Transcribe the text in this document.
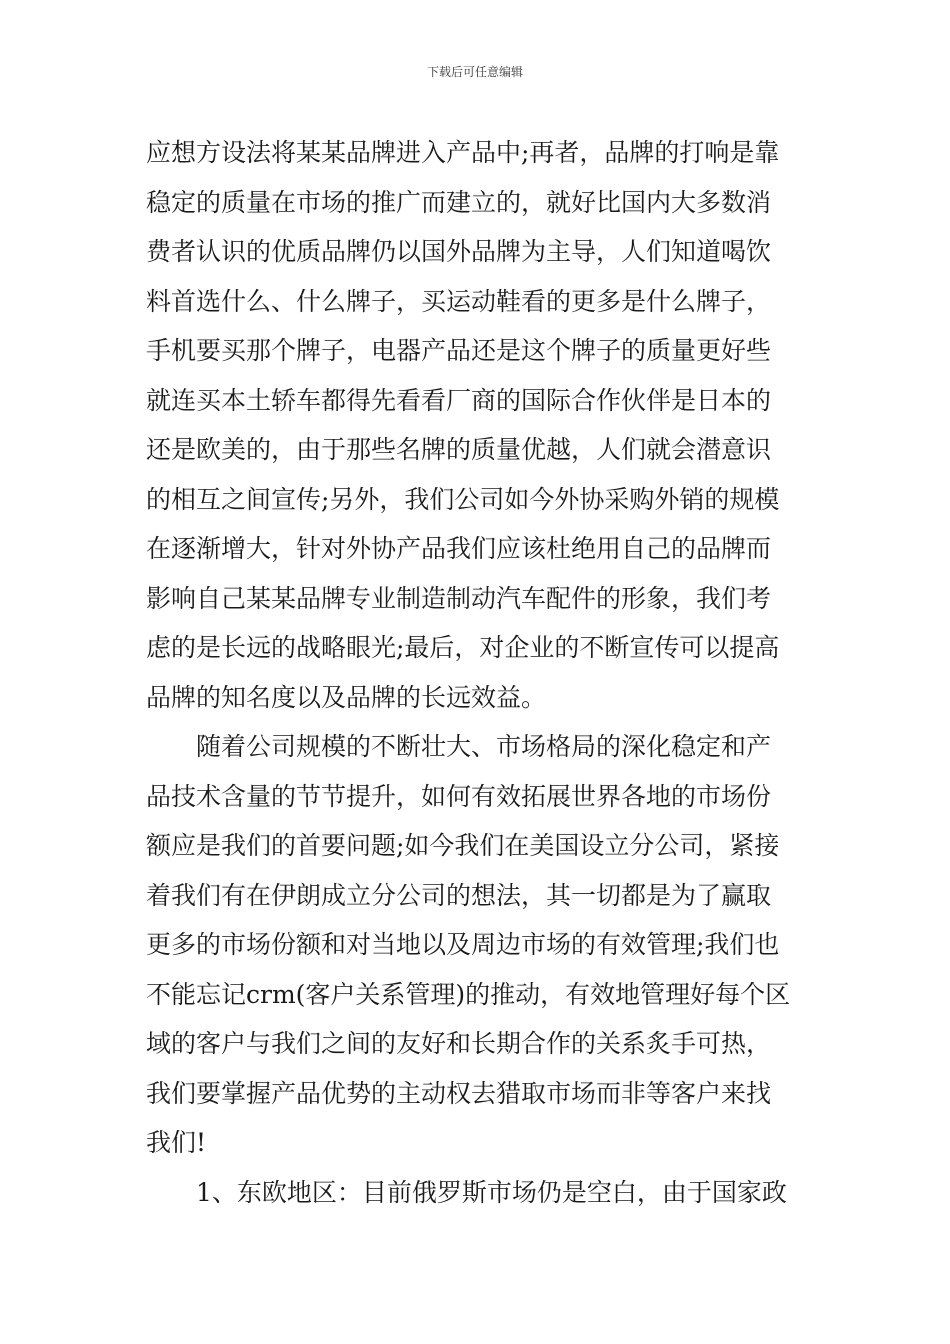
下载后可任意编辑
应想方设法将某某品牌进入产品中;再者，品牌的打响是靠
稳定的质量在市场的推广而建立的，就好比国内大多数消
费者认识的优质品牌仍以国外品牌为主导，人们知道喝饮
料首选什么、什么牌子，买运动鞋看的更多是什么牌子，
手机要买那个牌子，电器产品还是这个牌子的质量更好些
就连买本土轿车都得先看看厂商的国际合作伙伴是日本的
还是欧美的，由于那些名牌的质量优越，人们就会潜意识
的相互之间宣传;另外，我们公司如今外协采购外销的规模
在逐渐增大，针对外协产品我们应该杜绝用自己的品牌而
影响自己某某品牌专业制造制动汽车配件的形象，我们考
虑的是长远的战略眼光;最后，对企业的不断宣传可以提高
品牌的知名度以及品牌的长远效益。
随着公司规模的不断壮大、市场格局的深化稳定和产
品技术含量的节节提升，如何有效拓展世界各地的市场份
额应是我们的首要问题;如今我们在美国设立分公司，紧接
着我们有在伊朗成立分公司的想法，其一切都是为了赢取
更多的市场份额和对当地以及周边市场的有效管理;我们也
不能忘记crm(客户关系管理)的推动，有效地管理好每个区
域的客户与我们之间的友好和长期合作的关系炙手可热，
我们要掌握产品优势的主动权去猎取市场而非等客户来找
我们!
1、东欧地区：目前俄罗斯市场仍是空白，由于国家政
